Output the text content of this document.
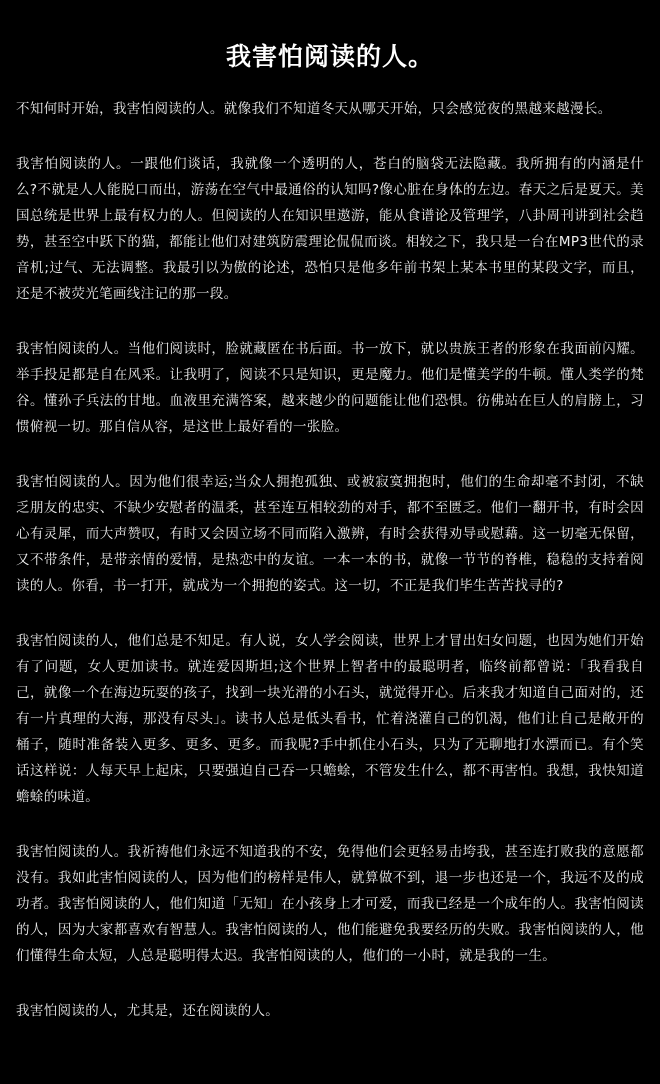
我害怕阅读的人。

不知何时开始，我害怕阅读的人。就像我们不知道冬天从哪天开始，只会感觉夜的黑越来越漫长。

我害怕阅读的人。一跟他们谈话，我就像一个透明的人，苍白的脑袋无法隐藏。我所拥有的内涵是什么?不就是人人能脱口而出，游荡在空气中最通俗的认知吗?像心脏在身体的左边。春天之后是夏天。美国总统是世界上最有权力的人。但阅读的人在知识里遨游，能从食谱论及管理学，八卦周刊讲到社会趋势，甚至空中跃下的猫，都能让他们对建筑防震理论侃侃而谈。相较之下，我只是一台在MP3世代的录音机;过气、无法调整。我最引以为傲的论述，恐怕只是他多年前书架上某本书里的某段文字，而且，还是不被荧光笔画线注记的那一段。

我害怕阅读的人。当他们阅读时，脸就藏匿在书后面。书一放下，就以贵族王者的形象在我面前闪耀。举手投足都是自在风采。让我明了，阅读不只是知识，更是魔力。他们是懂美学的牛顿。懂人类学的梵谷。懂孙子兵法的甘地。血液里充满答案，越来越少的问题能让他们恐惧。彷佛站在巨人的肩膀上，习惯俯视一切。那自信从容，是这世上最好看的一张脸。

我害怕阅读的人。因为他们很幸运;当众人拥抱孤独、或被寂寞拥抱时，他们的生命却毫不封闭，不缺乏朋友的忠实、不缺少安慰者的温柔，甚至连互相较劲的对手，都不至匮乏。他们一翻开书，有时会因心有灵犀，而大声赞叹，有时又会因立场不同而陷入激辨，有时会获得劝导或慰藉。这一切毫无保留，又不带条件，是带亲情的爱情，是热恋中的友谊。一本一本的书，就像一节节的脊椎，稳稳的支持着阅读的人。你看，书一打开，就成为一个拥抱的姿式。这一切，不正是我们毕生苦苦找寻的?

我害怕阅读的人，他们总是不知足。有人说，女人学会阅读，世界上才冒出妇女问题，也因为她们开始有了问题，女人更加读书。就连爱因斯坦;这个世界上智者中的最聪明者，临终前都曾说：「我看我自己，就像一个在海边玩耍的孩子，找到一块光滑的小石头，就觉得开心。后来我才知道自己面对的，还有一片真理的大海，那没有尽头」。读书人总是低头看书，忙着浇灌自己的饥渴，他们让自己是敞开的桶子，随时准备装入更多、更多、更多。而我呢?手中抓住小石头，只为了无聊地打水漂而已。有个笑话这样说：人每天早上起床，只要强迫自己吞一只蟾蜍，不管发生什么，都不再害怕。我想，我快知道蟾蜍的味道。

我害怕阅读的人。我祈祷他们永远不知道我的不安，免得他们会更轻易击垮我，甚至连打败我的意愿都没有。我如此害怕阅读的人，因为他们的榜样是伟人，就算做不到，退一步也还是一个，我远不及的成功者。我害怕阅读的人，他们知道「无知」在小孩身上才可爱，而我已经是一个成年的人。我害怕阅读的人，因为大家都喜欢有智慧人。我害怕阅读的人，他们能避免我要经历的失败。我害怕阅读的人，他们懂得生命太短，人总是聪明得太迟。我害怕阅读的人，他们的一小时，就是我的一生。

我害怕阅读的人，尤其是，还在阅读的人。
